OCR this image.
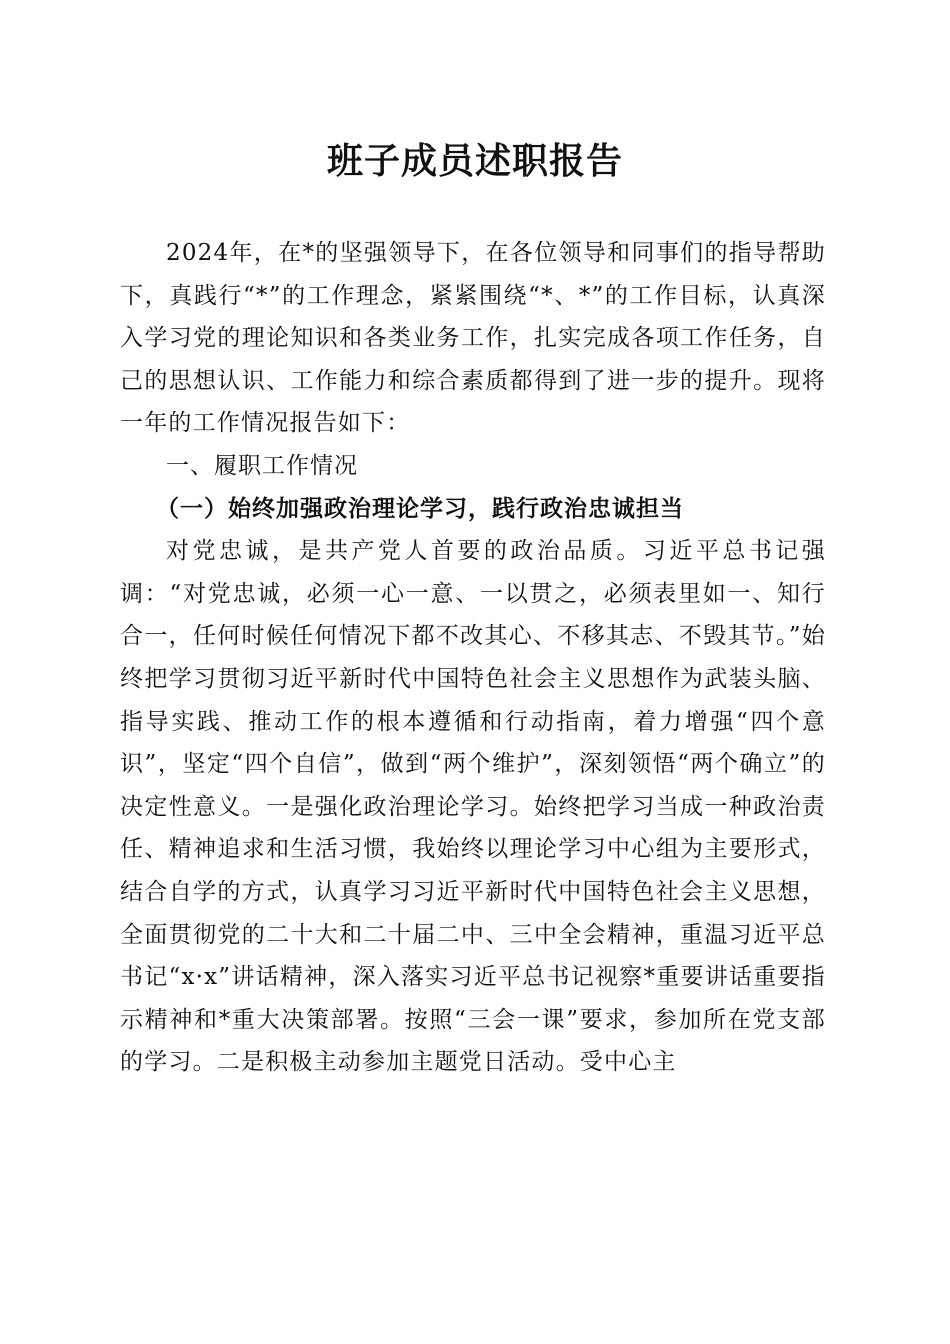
班子成员述职报告

2024年，在*的坚强领导下，在各位领导和同事们的指导帮助下，真践行“*”的工作理念，紧紧围绕“*、*”的工作目标，认真深入学习党的理论知识和各类业务工作，扎实完成各项工作任务，自己的思想认识、工作能力和综合素质都得到了进一步的提升。现将一年的工作情况报告如下：

一、履职工作情况

（一）始终加强政治理论学习，践行政治忠诚担当

对党忠诚，是共产党人首要的政治品质。习近平总书记强调：“对党忠诚，必须一心一意、一以贯之，必须表里如一、知行合一，任何时候任何情况下都不改其心、不移其志、不毁其节。”始终把学习贯彻习近平新时代中国特色社会主义思想作为武装头脑、指导实践、推动工作的根本遵循和行动指南，着力增强“四个意识”，坚定“四个自信”，做到“两个维护”，深刻领悟“两个确立”的决定性意义。一是强化政治理论学习。始终把学习当成一种政治责任、精神追求和生活习惯，我始终以理论学习中心组为主要形式，结合自学的方式，认真学习习近平新时代中国特色社会主义思想，全面贯彻党的二十大和二十届二中、三中全会精神，重温习近平总书记“x·x”讲话精神，深入落实习近平总书记视察*重要讲话重要指示精神和*重大决策部署。按照“三会一课”要求，参加所在党支部的学习。二是积极主动参加主题党日活动。受中心主
